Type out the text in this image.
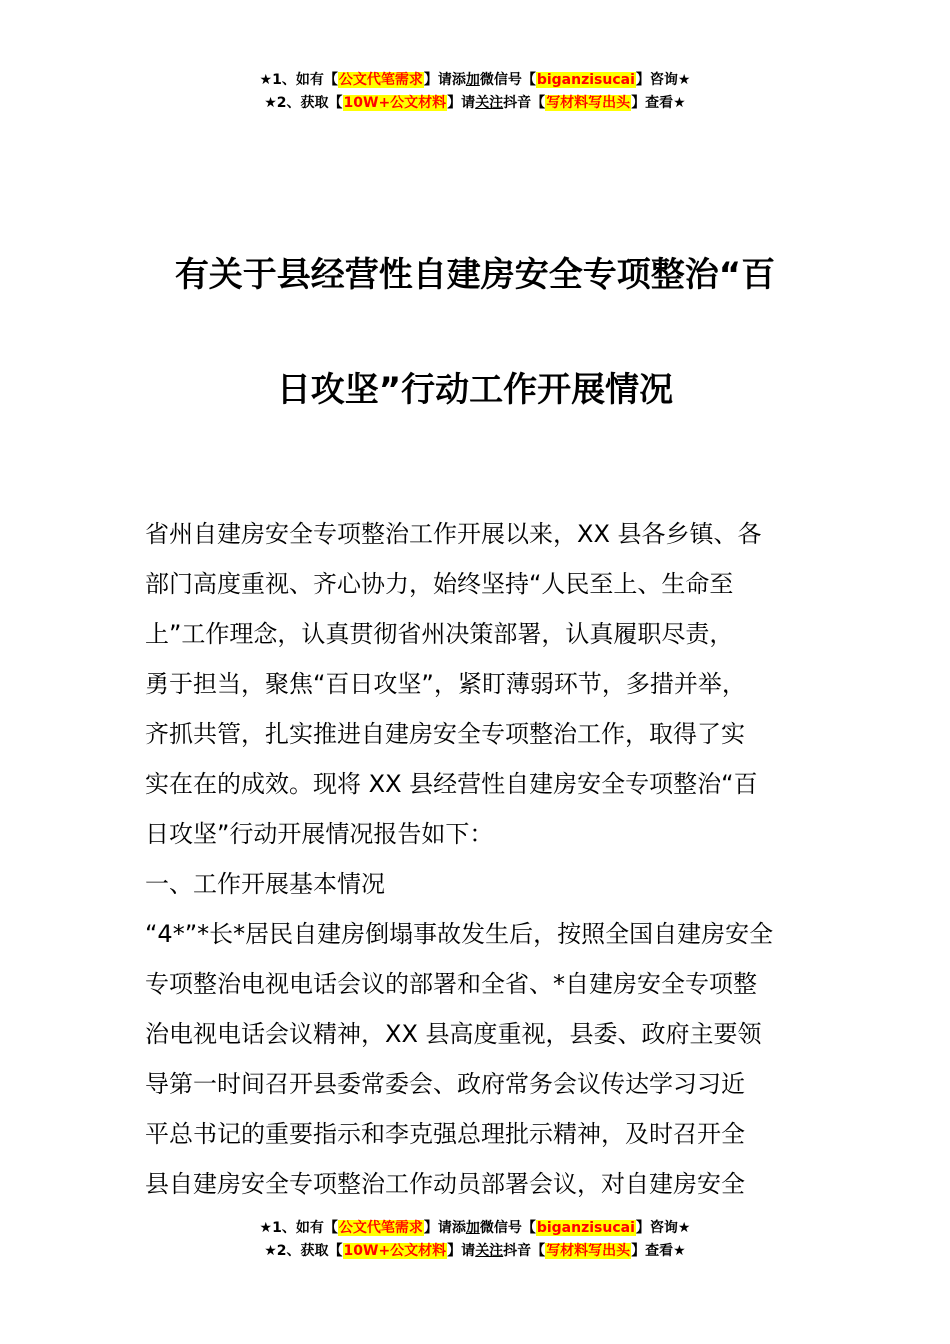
★1、如有【公文代笔需求】请添加微信号【biganzisucai】咨询★
★2、获取【10W+公文材料】请关注抖音【写材料写出头】查看★
有关于县经营性自建房安全专项整治“百
日攻坚”行动工作开展情况
省州自建房安全专项整治工作开展以来，XX 县各乡镇、各
部门高度重视、齐心协力，始终坚持“人民至上、生命至
上”工作理念，认真贯彻省州决策部署，认真履职尽责，
勇于担当，聚焦“百日攻坚”，紧盯薄弱环节，多措并举，
齐抓共管，扎实推进自建房安全专项整治工作，取得了实
实在在的成效。现将 XX 县经营性自建房安全专项整治“百
日攻坚”行动开展情况报告如下：
一、工作开展基本情况
“4*”*长*居民自建房倒塌事故发生后，按照全国自建房安全
专项整治电视电话会议的部署和全省、*自建房安全专项整
治电视电话会议精神，XX 县高度重视，县委、政府主要领
导第一时间召开县委常委会、政府常务会议传达学习习近
平总书记的重要指示和李克强总理批示精神，及时召开全
县自建房安全专项整治工作动员部署会议，对自建房安全
★1、如有【公文代笔需求】请添加微信号【biganzisucai】咨询★
★2、获取【10W+公文材料】请关注抖音【写材料写出头】查看★
